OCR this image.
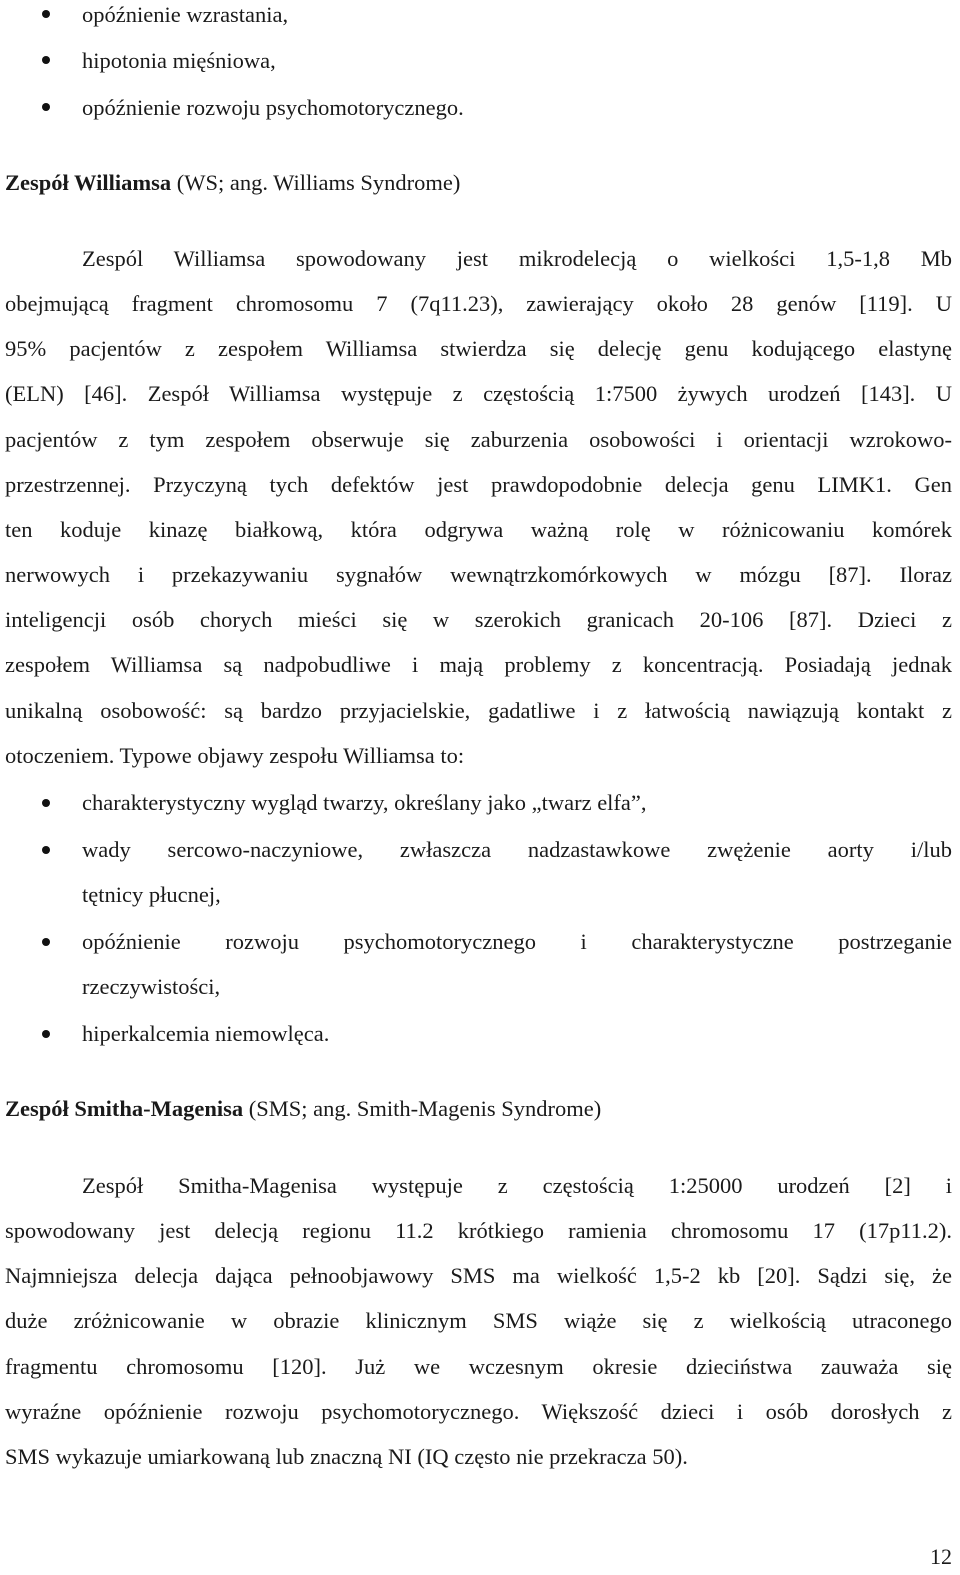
opóźnienie wzrastania,
hipotonia mięśniowa,
opóźnienie rozwoju psychomotorycznego.
Zespół Williamsa (WS; ang. Williams Syndrome)
Zespól Williamsa spowodowany jest mikrodelecją o wielkości 1,5-1,8 Mb
obejmującą fragment chromosomu 7 (7q11.23), zawierający około 28 genów [119]. U
95% pacjentów z zespołem Williamsa stwierdza się delecję genu kodującego elastynę
(ELN) [46]. Zespół Williamsa występuje z częstością 1:7500 żywych urodzeń [143]. U
pacjentów z tym zespołem obserwuje się zaburzenia osobowości i orientacji wzrokowo-
przestrzennej. Przyczyną tych defektów jest prawdopodobnie delecja genu LIMK1. Gen
ten koduje kinazę białkową, która odgrywa ważną rolę w różnicowaniu komórek
nerwowych i przekazywaniu sygnałów wewnątrzkomórkowych w mózgu [87]. Iloraz
inteligencji osób chorych mieści się w szerokich granicach 20-106 [87]. Dzieci z
zespołem Williamsa są nadpobudliwe i mają problemy z koncentracją. Posiadają jednak
unikalną osobowość: są bardzo przyjacielskie, gadatliwe i z łatwością nawiązują kontakt z
otoczeniem. Typowe objawy zespołu Williamsa to:
charakterystyczny wygląd twarzy, określany jako „twarz elfa”,
wady sercowo-naczyniowe, zwłaszcza nadzastawkowe zwężenie aorty i/lub
tętnicy płucnej,
opóźnienie rozwoju psychomotorycznego i charakterystyczne postrzeganie
rzeczywistości,
hiperkalcemia niemowlęca.
Zespół Smitha-Magenisa (SMS; ang. Smith-Magenis Syndrome)
Zespół Smitha-Magenisa występuje z częstością 1:25000 urodzeń [2] i
spowodowany jest delecją regionu 11.2 krótkiego ramienia chromosomu 17 (17p11.2).
Najmniejsza delecja dająca pełnoobjawowy SMS ma wielkość 1,5-2 kb [20]. Sądzi się, że
duże zróżnicowanie w obrazie klinicznym SMS wiąże się z wielkością utraconego
fragmentu chromosomu [120]. Już we wczesnym okresie dzieciństwa zauważa się
wyraźne opóźnienie rozwoju psychomotorycznego. Większość dzieci i osób dorosłych z
SMS wykazuje umiarkowaną lub znaczną NI (IQ często nie przekracza 50).
12
